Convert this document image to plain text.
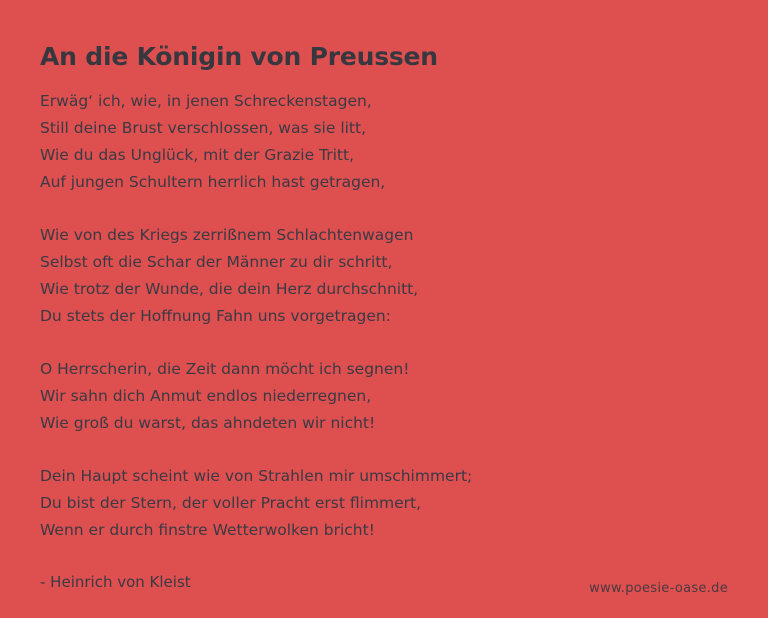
An die Königin von Preussen
Erwäg‘ ich, wie, in jenen Schreckenstagen,
Still deine Brust verschlossen, was sie litt,
Wie du das Unglück, mit der Grazie Tritt,
Auf jungen Schultern herrlich hast getragen,
Wie von des Kriegs zerrißnem Schlachtenwagen
Selbst oft die Schar der Männer zu dir schritt,
Wie trotz der Wunde, die dein Herz durchschnitt,
Du stets der Hoffnung Fahn uns vorgetragen:
O Herrscherin, die Zeit dann möcht ich segnen!
Wir sahn dich Anmut endlos niederregnen,
Wie groß du warst, das ahndeten wir nicht!
Dein Haupt scheint wie von Strahlen mir umschimmert;
Du bist der Stern, der voller Pracht erst flimmert,
Wenn er durch finstre Wetterwolken bricht!
- Heinrich von Kleist	www.poesie-oase.de
